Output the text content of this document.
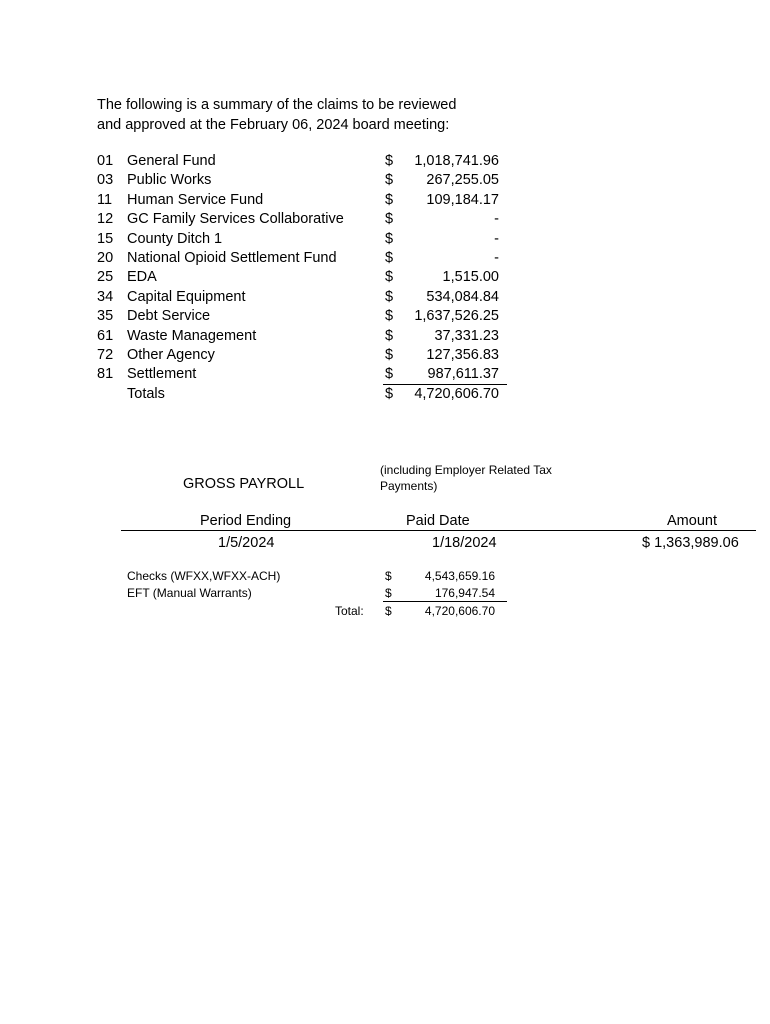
The following is a summary of the claims to be reviewed
and approved at the February 06, 2024 board meeting:
01 General Fund	$ 1,018,741.96
03 Public Works	$ 267,255.05
11 Human Service Fund	$ 109,184.17
12 GC Family Services Collaborative	$	-
15 County Ditch 1	$	-
20 National Opioid Settlement Fund	$	-
25 EDA	$	1,515.00
34 Capital Equipment	$ 534,084.84
35 Debt Service	$ 1,637,526.25
61 Waste Management	$	37,331.23
72 Other Agency	$ 127,356.83
81 Settlement	$ 987,611.37
Totals	$ 4,720,606.70
GROSS PAYROLL
(including Employer Related Tax
Payments)
Period Ending	Paid Date	Amount
1/5/2024	1/18/2024	$ 1,363,989.06
Checks (WFXX,WFXX-ACH)	$	4,543,659.16
EFT (Manual Warrants)	$	176,947.54
Total: $	4,720,606.70
